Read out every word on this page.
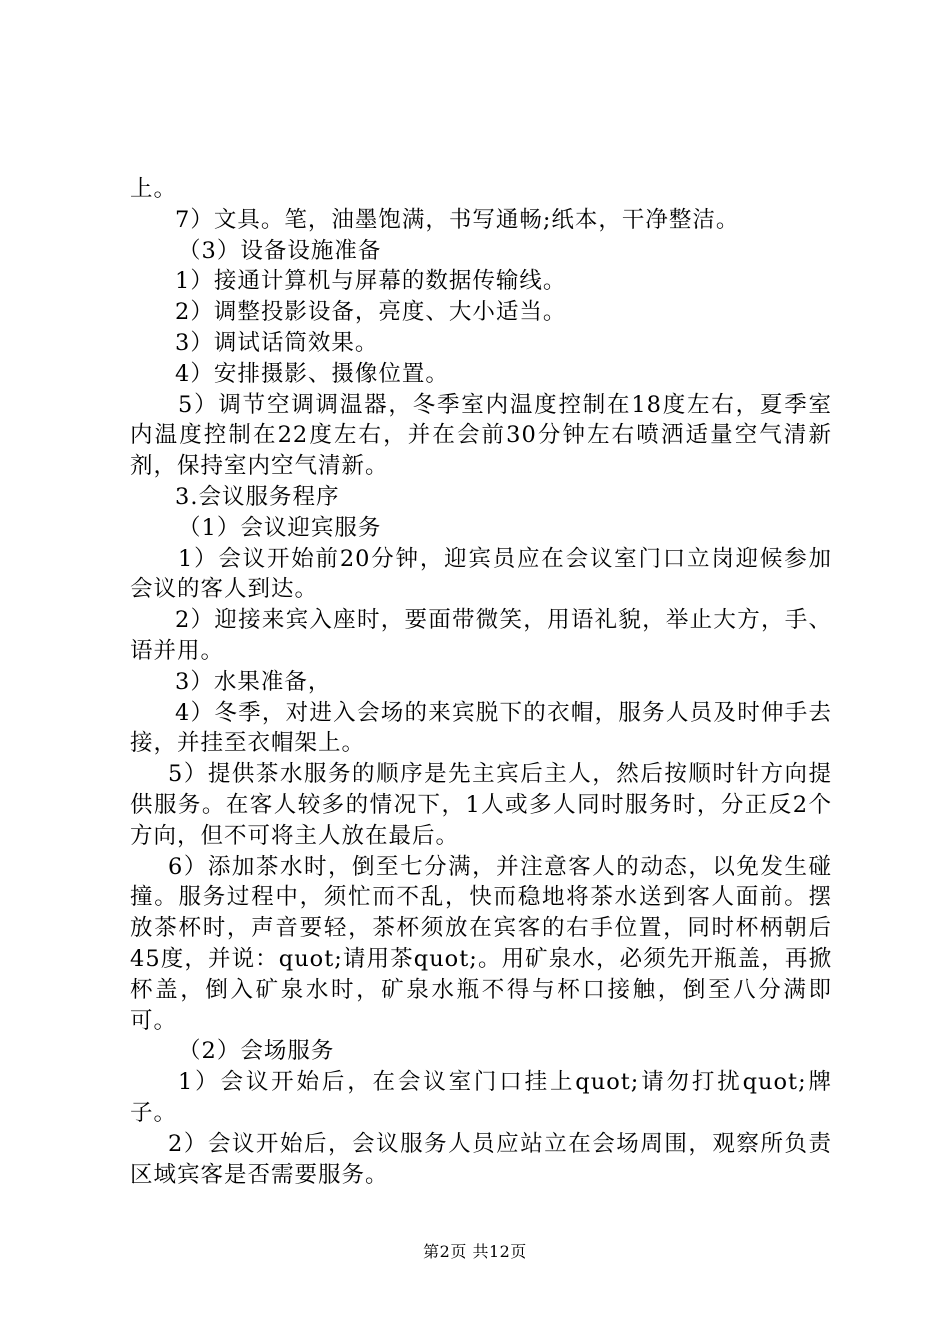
上。

7）文具。笔，油墨饱满，书写通畅;纸本，干净整洁。

（3）设备设施准备

1）接通计算机与屏幕的数据传输线。

2）调整投影设备，亮度、大小适当。

3）调试话筒效果。

4）安排摄影、摄像位置。

5）调节空调调温器，冬季室内温度控制在18度左右，夏季室内温度控制在22度左右，并在会前30分钟左右喷洒适量空气清新剂，保持室内空气清新。

3.会议服务程序

（1）会议迎宾服务

1）会议开始前20分钟，迎宾员应在会议室门口立岗迎候参加会议的客人到达。

2）迎接来宾入座时，要面带微笑，用语礼貌，举止大方，手、语并用。

3）水果准备，

4）冬季，对进入会场的来宾脱下的衣帽，服务人员及时伸手去接，并挂至衣帽架上。

5）提供茶水服务的顺序是先主宾后主人，然后按顺时针方向提供服务。在客人较多的情况下，1人或多人同时服务时，分正反2个方向，但不可将主人放在最后。

6）添加茶水时，倒至七分满，并注意客人的动态，以免发生碰撞。服务过程中，须忙而不乱，快而稳地将茶水送到客人面前。摆放茶杯时，声音要轻，茶杯须放在宾客的右手位置，同时杯柄朝后45度，并说：quot;请用茶quot;。用矿泉水，必须先开瓶盖，再掀杯盖，倒入矿泉水时，矿泉水瓶不得与杯口接触，倒至八分满即可。

（2）会场服务

1）会议开始后，在会议室门口挂上quot;请勿打扰quot;牌子。

2）会议开始后，会议服务人员应站立在会场周围，观察所负责区域宾客是否需要服务。

第2页 共12页
